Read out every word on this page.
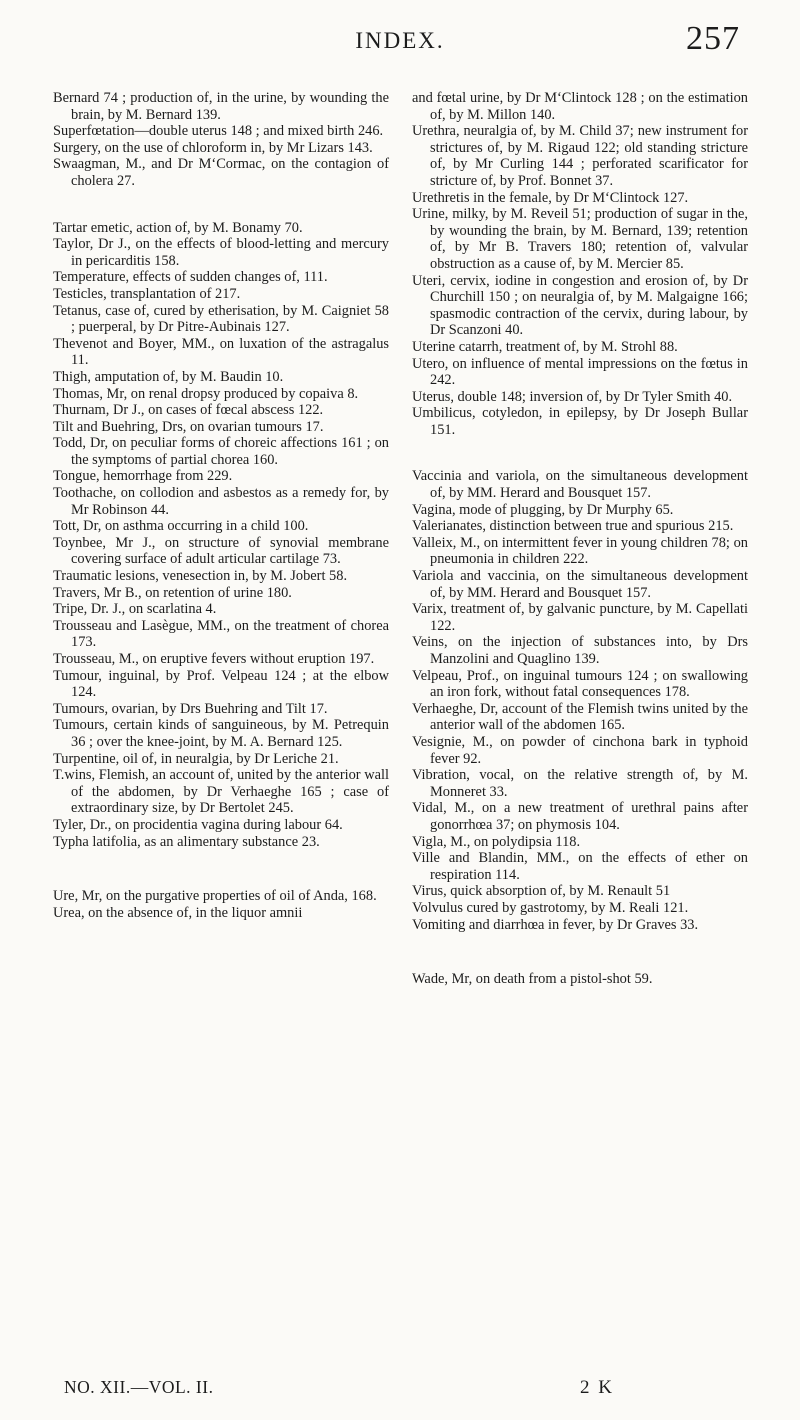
INDEX.	257

Bernard 74 ; production of, in the urine, by wounding the brain, by M. Bernard 139.

Superfœtation—double uterus 148 ; and mixed birth 246.

Surgery, on the use of chloroform in, by Mr Lizars 143.

Swaagman, M., and Dr M‘Cormac, on the contagion of cholera 27.

Tartar emetic, action of, by M. Bonamy 70.

Taylor, Dr J., on the effects of blood-letting and mercury in pericarditis 158.

Temperature, effects of sudden changes of, 111.

Testicles, transplantation of 217.

Tetanus, case of, cured by etherisation, by M. Caigniet 58 ; puerperal, by Dr Pitre-Aubinais 127.

Thevenot and Boyer, MM., on luxation of the astragalus 11.

Thigh, amputation of, by M. Baudin 10.

Thomas, Mr, on renal dropsy produced by copaiva 8.

Thurnam, Dr J., on cases of fœcal abscess 122.

Tilt and Buehring, Drs, on ovarian tumours 17.

Todd, Dr, on peculiar forms of choreic affections 161 ; on the symptoms of partial chorea 160.

Tongue, hemorrhage from 229.

Toothache, on collodion and asbestos as a remedy for, by Mr Robinson 44.

Tott, Dr, on asthma occurring in a child 100.

Toynbee, Mr J., on structure of synovial membrane covering surface of adult articular cartilage 73.

Traumatic lesions, venesection in, by M. Jobert 58.

Travers, Mr B., on retention of urine 180.

Tripe, Dr. J., on scarlatina 4.

Trousseau and Lasègue, MM., on the treatment of chorea 173.

Trousseau, M., on eruptive fevers without eruption 197.

Tumour, inguinal, by Prof. Velpeau 124 ; at the elbow 124.

Tumours, ovarian, by Drs Buehring and Tilt 17.

Tumours, certain kinds of sanguineous, by M. Petrequin 36 ; over the knee-joint, by M. A. Bernard 125.

Turpentine, oil of, in neuralgia, by Dr Leriche 21.

T.wins, Flemish, an account of, united by the anterior wall of the abdomen, by Dr Verhaeghe 165 ; case of extraordinary size, by Dr Bertolet 245.

Tyler, Dr., on procidentia vagina during labour 64.

Typha latifolia, as an alimentary substance 23.

Ure, Mr, on the purgative properties of oil of Anda, 168.

Urea, on the absence of, in the liquor amnii

and fœtal urine, by Dr M‘Clintock 128 ; on the estimation of, by M. Millon 140.

Urethra, neuralgia of, by M. Child 37; new instrument for strictures of, by M. Rigaud 122; old standing stricture of, by Mr Curling 144 ; perforated scarificator for stricture of, by Prof. Bonnet 37.

Urethretis in the female, by Dr M‘Clintock 127.

Urine, milky, by M. Reveil 51; production of sugar in the, by wounding the brain, by M. Bernard, 139; retention of, by Mr B. Travers 180; retention of, valvular obstruction as a cause of, by M. Mercier 85.

Uteri, cervix, iodine in congestion and erosion of, by Dr Churchill 150 ; on neuralgia of, by M. Malgaigne 166; spasmodic contraction of the cervix, during labour, by Dr Scanzoni 40.

Uterine catarrh, treatment of, by M. Strohl 88.

Utero, on influence of mental impressions on the fœtus in 242.

Uterus, double 148; inversion of, by Dr Tyler Smith 40.

Umbilicus, cotyledon, in epilepsy, by Dr Joseph Bullar 151.

Vaccinia and variola, on the simultaneous development of, by MM. Herard and Bousquet 157.

Vagina, mode of plugging, by Dr Murphy 65.

Valerianates, distinction between true and spurious 215.

Valleix, M., on intermittent fever in young children 78; on pneumonia in children 222.

Variola and vaccinia, on the simultaneous development of, by MM. Herard and Bousquet 157.

Varix, treatment of, by galvanic puncture, by M. Capellati 122.

Veins, on the injection of substances into, by Drs Manzolini and Quaglino 139.

Velpeau, Prof., on inguinal tumours 124 ; on swallowing an iron fork, without fatal consequences 178.

Verhaeghe, Dr, account of the Flemish twins united by the anterior wall of the abdomen 165.

Vesignie, M., on powder of cinchona bark in typhoid fever 92.

Vibration, vocal, on the relative strength of, by M. Monneret 33.

Vidal, M., on a new treatment of urethral pains after gonorrhœa 37; on phymosis 104.

Vigla, M., on polydipsia 118.

Ville and Blandin, MM., on the effects of ether on respiration 114.

Virus, quick absorption of, by M. Renault 51

Volvulus cured by gastrotomy, by M. Reali 121.

Vomiting and diarrhœa in fever, by Dr Graves 33.

Wade, Mr, on death from a pistol-shot 59.

NO. XII.—VOL. II.	2 K
